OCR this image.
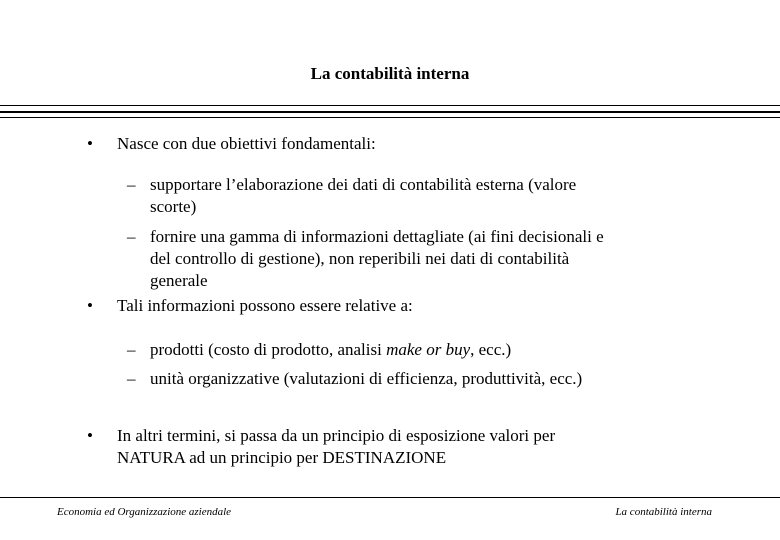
La contabilità interna
•	Nasce con due obiettivi fondamentali:
– supportare l’elaborazione dei dati di contabilità esterna (valore
scorte)
– fornire una gamma di informazioni dettagliate (ai fini decisionali e
del controllo di gestione), non reperibili nei dati di contabilità
generale
•	Tali informazioni possono essere relative a:
– prodotti (costo di prodotto, analisi make or buy, ecc.)
– unità organizzative (valutazioni di efficienza, produttività, ecc.)
•	In altri termini, si passa da un principio di esposizione valori per
NATURA ad un principio per DESTINAZIONE
Economia ed Organizzazione aziendale	La contabilità interna
